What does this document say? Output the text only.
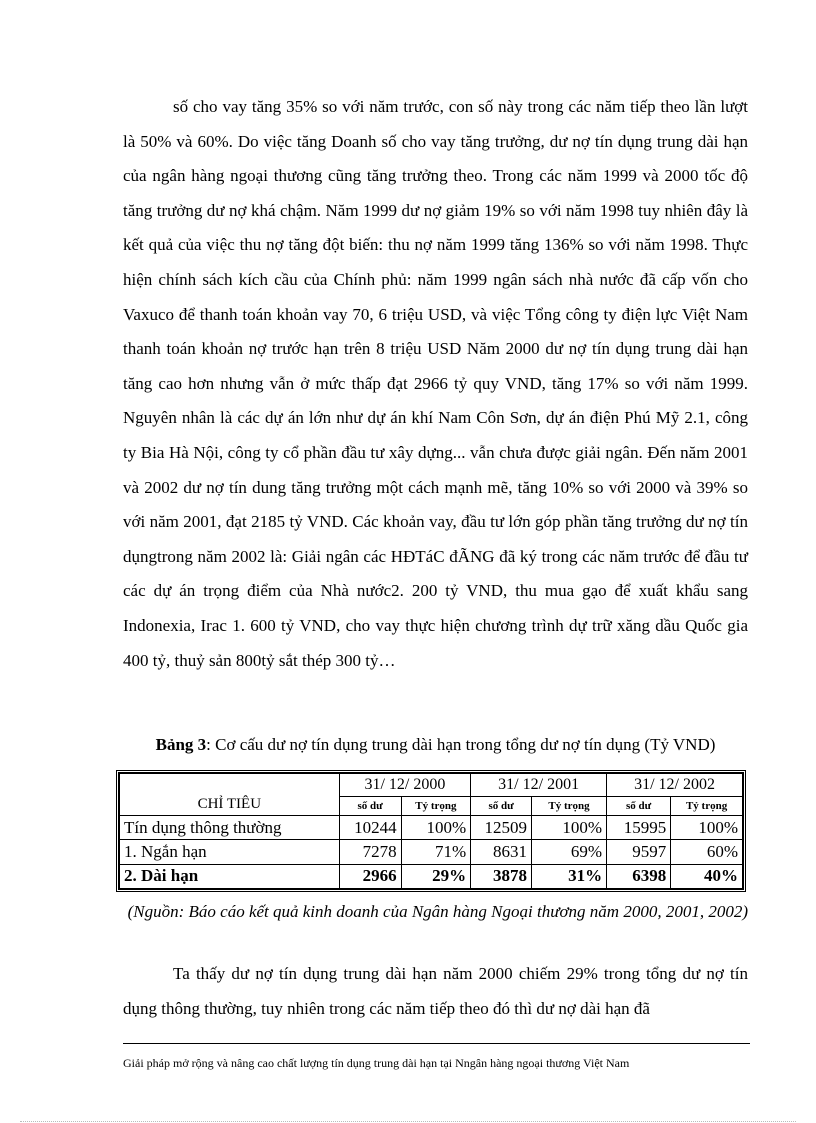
số cho vay tăng 35% so với năm trước, con số này trong các năm tiếp theo lần lượt là 50% và 60%. Do việc tăng Doanh số cho vay tăng trưởng, dư nợ tín dụng trung dài hạn của ngân hàng ngoại thương cũng tăng trưởng theo. Trong các năm 1999 và 2000 tốc độ tăng trưởng dư nợ khá chậm. Năm 1999 dư nợ giảm 19% so với năm 1998 tuy nhiên đây là kết quả của việc thu nợ tăng đột biến: thu nợ năm 1999 tăng 136% so với năm 1998. Thực hiện chính sách kích cầu của Chính phủ: năm 1999 ngân sách nhà nước đã cấp vốn cho Vaxuco để thanh toán khoản vay 70, 6 triệu USD, và việc Tổng công ty điện lực Việt Nam thanh toán khoản nợ trước hạn trên 8 triệu USD Năm 2000 dư nợ tín dụng trung dài hạn tăng cao hơn nhưng vẫn ở mức thấp đạt 2966 tỷ quy VND, tăng 17% so với năm 1999. Nguyên nhân là các dự án lớn như dự án khí Nam Côn Sơn, dự án điện Phú Mỹ 2.1, công ty Bia Hà Nội, công ty cổ phần đầu tư xây dựng... vẫn chưa được giải ngân. Đến năm 2001 và 2002 dư nợ tín dung tăng trưởng một cách mạnh mẽ, tăng 10% so với 2000 và 39% so với năm 2001, đạt 2185 tỷ VND. Các khoản vay, đầu tư lớn góp phần tăng trưởng dư nợ tín dụngtrong năm 2002 là: Giải ngân các HĐTáC đÃNG đã ký trong các năm trước để đầu tư các dự án trọng điểm của Nhà nước2. 200 tỷ VND, thu mua gạo để xuất khẩu sang Indonexia, Irac 1. 600 tỷ VND, cho vay thực hiện chương trình dự trữ xăng dầu Quốc gia 400 tỷ, thuỷ sản 800tỷ sắt thép 300 tỷ…

Bảng 3: Cơ cấu dư nợ tín dụng trung dài hạn trong tổng dư nợ tín dụng (Tỷ VND)
CHỈ TIÊU	31/ 12/ 2000		31/ 12/ 2001		31/ 12/ 2002	
	số dư	Tỷ trọng	số dư	Tỷ trọng	số dư	Tỷ trọng
Tín dụng thông thường	10244	100%	12509	100%	15995	100%
1. Ngắn hạn	7278	71%	8631	69%	9597	60%
2. Dài hạn	2966	29%	3878	31%	6398	40%
(Nguồn: Báo cáo kết quả kinh doanh của Ngân hàng Ngoại thương năm 2000, 2001, 2002)

Ta thấy dư nợ tín dụng trung dài hạn năm 2000 chiếm 29% trong tổng dư nợ tín dụng thông thường, tuy nhiên trong các năm tiếp theo đó thì dư nợ dài hạn đã

Giải pháp mở rộng và nâng cao chất lượng tín dụng trung dài hạn tại Nngân hàng ngoại thương Việt Nam
